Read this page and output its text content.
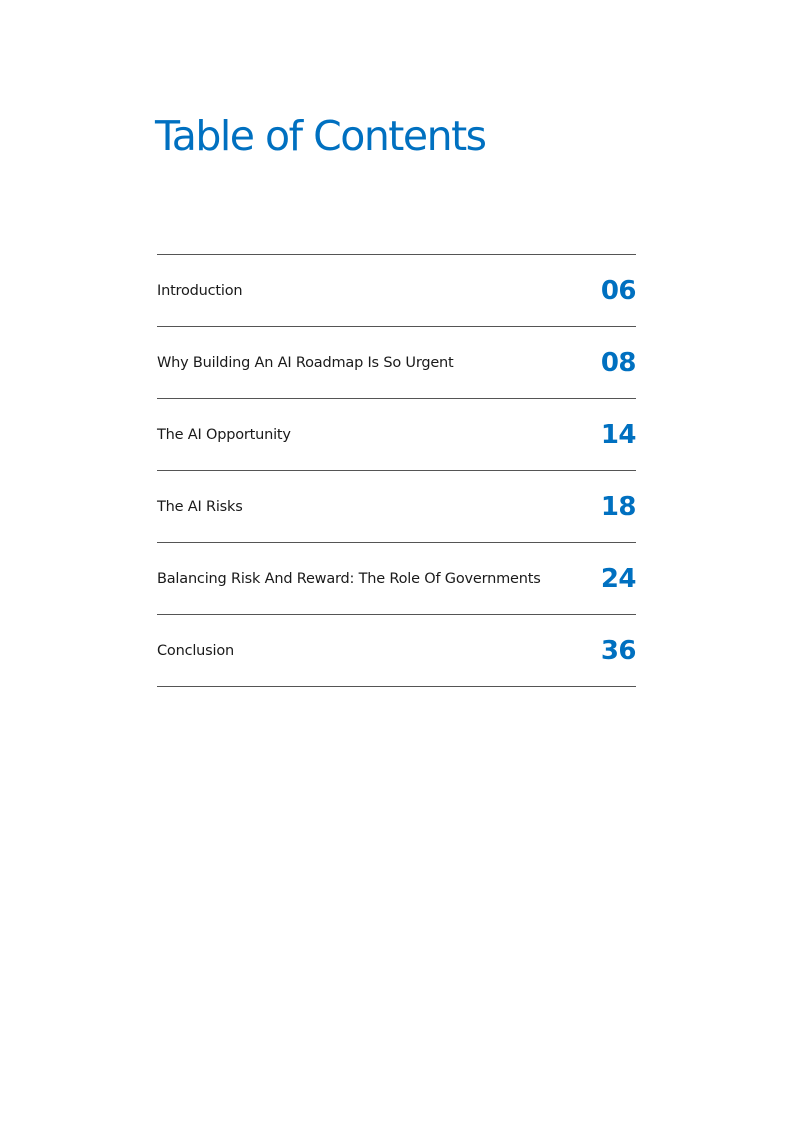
Table of Contents
Introduction	06
Why Building An AI Roadmap Is So Urgent	08
The AI Opportunity	14
The AI Risks	18
Balancing Risk And Reward: The Role Of Governments 24
Conclusion	36
